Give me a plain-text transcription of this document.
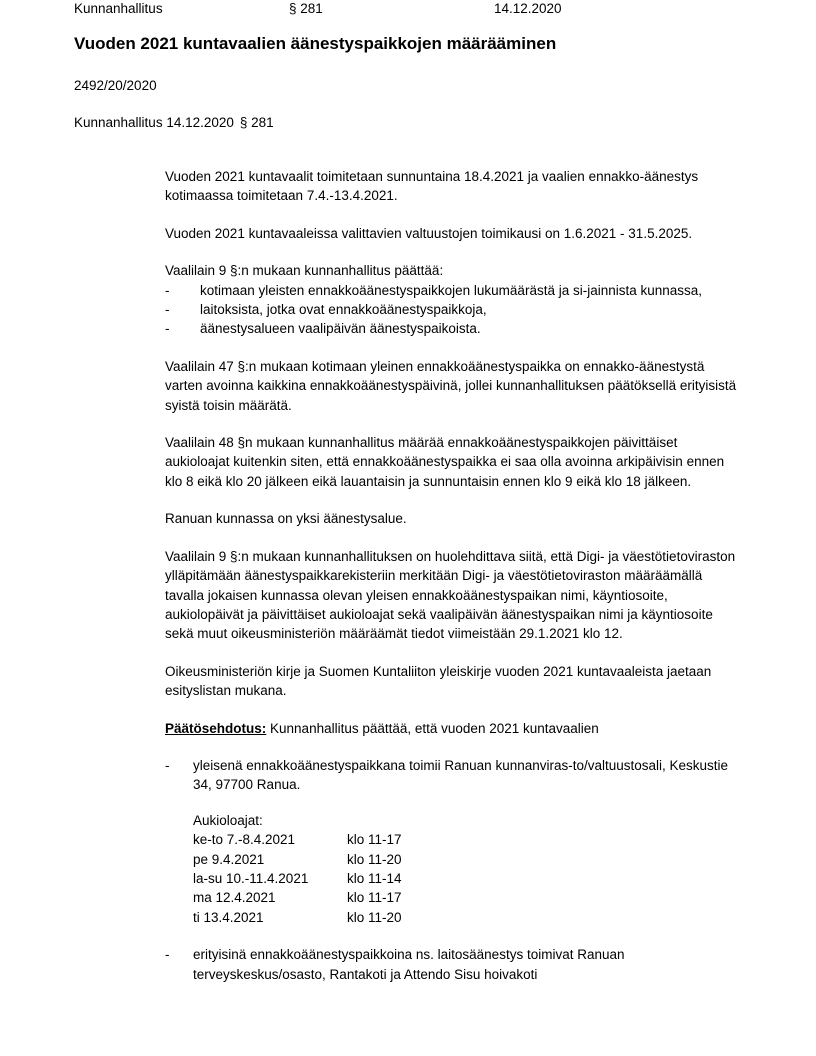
Kunnanhallitus	§ 281	14.12.2020
Vuoden 2021 kuntavaalien äänestyspaikkojen määrääminen
2492/20/2020
Kunnanhallitus 14.12.2020 § 281

Vuoden 2021 kuntavaalit toimitetaan sunnuntaina 18.4.2021 ja vaalien ennakko-äänestys kotimaassa toimitetaan 7.4.-13.4.2021.

Vuoden 2021 kuntavaaleissa valittavien valtuustojen toimikausi on 1.6.2021 - 31.5.2025.

Vaalilain 9 §:n mukaan kunnanhallitus päättää:

-	kotimaan yleisten ennakkoäänestyspaikkojen lukumäärästä ja si-jainnista kunnassa,
-	laitoksista, jotka ovat ennakkoäänestyspaikkoja,
-	äänestysalueen vaalipäivän äänestyspaikoista.

Vaalilain 47 §:n mukaan kotimaan yleinen ennakkoäänestyspaikka on ennakko-äänestystä varten avoinna kaikkina ennakkoäänestyspäivinä, jollei kunnanhallituksen päätöksellä erityisistä syistä toisin määrätä.

Vaalilain 48 §n mukaan kunnanhallitus määrää ennakkoäänestyspaikkojen päivittäiset aukioloajat kuitenkin siten, että ennakkoäänestyspaikka ei saa olla avoinna arkipäivisin ennen klo 8 eikä klo 20 jälkeen eikä lauantaisin ja sunnuntaisin ennen klo 9 eikä klo 18 jälkeen.

Ranuan kunnassa on yksi äänestysalue.

Vaalilain 9 §:n mukaan kunnanhallituksen on huolehdittava siitä, että Digi- ja väestötietoviraston ylläpitämään äänestyspaikkarekisteriin merkitään Digi- ja väestötietoviraston määräämällä tavalla jokaisen kunnassa olevan yleisen ennakkoäänestyspaikan nimi, käyntiosoite, aukiolopäivät ja päivittäiset aukioloajat sekä vaalipäivän äänestyspaikan nimi ja käyntiosoite sekä muut oikeusministeriön määräämät tiedot viimeistään 29.1.2021 klo 12.

Oikeusministeriön kirje ja Suomen Kuntaliiton yleiskirje vuoden 2021 kuntavaaleista jaetaan esityslistan mukana.

Päätösehdotus: Kunnanhallitus päättää, että vuoden 2021 kuntavaalien

-	yleisenä ennakkoäänestyspaikkana toimii Ranuan kunnanviras-to/valtuustosali, Keskustie 34, 97700 Ranua.
Aukioloajat:
ke-to 7.-8.4.2021	klo 11-17
pe 9.4.2021	klo 11-20
la-su 10.-11.4.2021	klo 11-14
ma 12.4.2021	klo 11-17
ti 13.4.2021	klo 11-20
-	erityisinä ennakkoäänestyspaikkoina ns. laitosäänestys toimivat Ranuan terveyskeskus/osasto, Rantakoti ja Attendo Sisu hoivakoti
